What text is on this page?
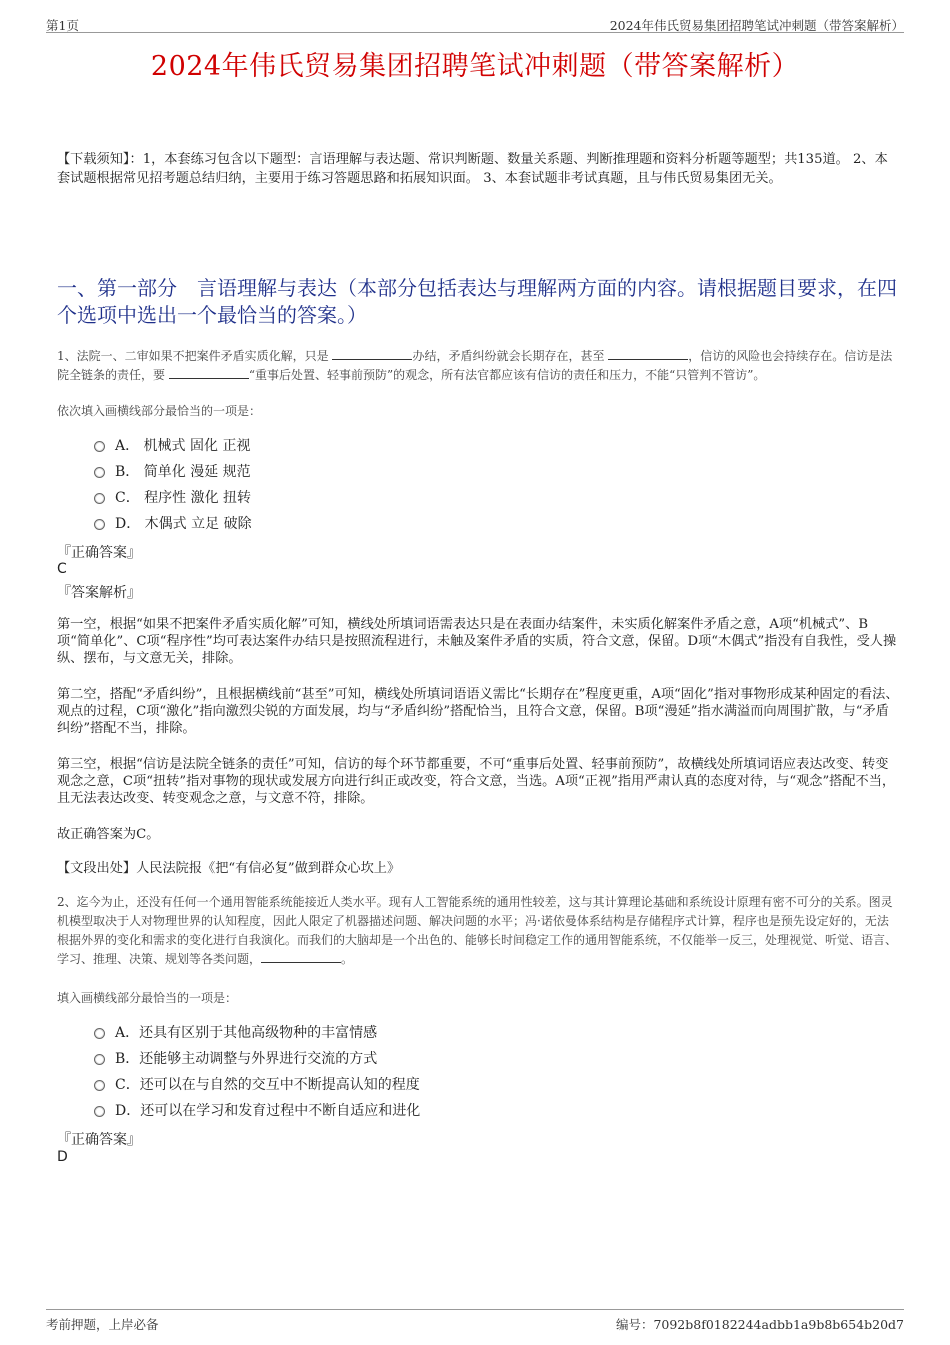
第1页	2024年伟氏贸易集团招聘笔试冲刺题（带答案解析）
2024年伟氏贸易集团招聘笔试冲刺题（带答案解析）
【下载须知】：1，本套练习包含以下题型：言语理解与表达题、常识判断题、数量关系题、判断推理题和资料分析题等题型；共135道。 2、本套试题根据常见招考题总结归纳，主要用于练习答题思路和拓展知识面。 3、本套试题非考试真题，且与伟氏贸易集团无关。
一、第一部分　言语理解与表达（本部分包括表达与理解两方面的内容。请根据题目要求，在四个选项中选出一个最恰当的答案。）
1、法院一、二审如果不把案件矛盾实质化解，只是	办结，矛盾纠纷就会长期存在，甚至	，信访的风险也会持续存在。信访是法院全链条的责任，要	“重事后处置、轻事前预防”的观念，所有法官都应该有信访的责任和压力，不能“只管判不管访”。
依次填入画横线部分最恰当的一项是：
A． 机械式 固化 正视
B． 简单化 漫延 规范
C． 程序性 激化 扭转
D． 木偶式 立足 破除
『正确答案』
C
『答案解析』
第一空，根据“如果不把案件矛盾实质化解”可知，横线处所填词语需表达只是在表面办结案件，未实质化解案件矛盾之意，A项“机械式”、B项“简单化”、C项“程序性”均可表达案件办结只是按照流程进行，未触及案件矛盾的实质，符合文意，保留。D项“木偶式”指没有自我性，受人操纵、摆布，与文意无关，排除。
第二空，搭配“矛盾纠纷”，且根据横线前“甚至”可知，横线处所填词语语义需比“长期存在”程度更重，A项“固化”指对事物形成某种固定的看法、观点的过程，C项“激化”指向激烈尖锐的方面发展，均与“矛盾纠纷”搭配恰当，且符合文意，保留。B项“漫延”指水满溢而向周围扩散，与“矛盾纠纷”搭配不当，排除。
第三空，根据“信访是法院全链条的责任”可知，信访的每个环节都重要，不可“重事后处置、轻事前预防”，故横线处所填词语应表达改变、转变观念之意，C项“扭转”指对事物的现状或发展方向进行纠正或改变，符合文意，当选。A项“正视”指用严肃认真的态度对待，与“观念”搭配不当，且无法表达改变、转变观念之意，与文意不符，排除。
故正确答案为C。
【文段出处】人民法院报《把“有信必复”做到群众心坎上》
2、迄今为止，还没有任何一个通用智能系统能接近人类水平。现有人工智能系统的通用性较差，这与其计算理论基础和系统设计原理有密不可分的关系。图灵机模型取决于人对物理世界的认知程度，因此人限定了机器描述问题、解决问题的水平；冯·诺依曼体系结构是存储程序式计算，程序也是预先设定好的，无法根据外界的变化和需求的变化进行自我演化。而我们的大脑却是一个出色的、能够长时间稳定工作的通用智能系统，不仅能举一反三，处理视觉、听觉、语言、学习、推理、决策、规划等各类问题，	。
填入画横线部分最恰当的一项是：
A．还具有区别于其他高级物种的丰富情感
B．还能够主动调整与外界进行交流的方式
C．还可以在与自然的交互中不断提高认知的程度
D．还可以在学习和发育过程中不断自适应和进化
『正确答案』
D
考前押题，上岸必备	编号：7092b8f0182244adbb1a9b8b654b20d7
